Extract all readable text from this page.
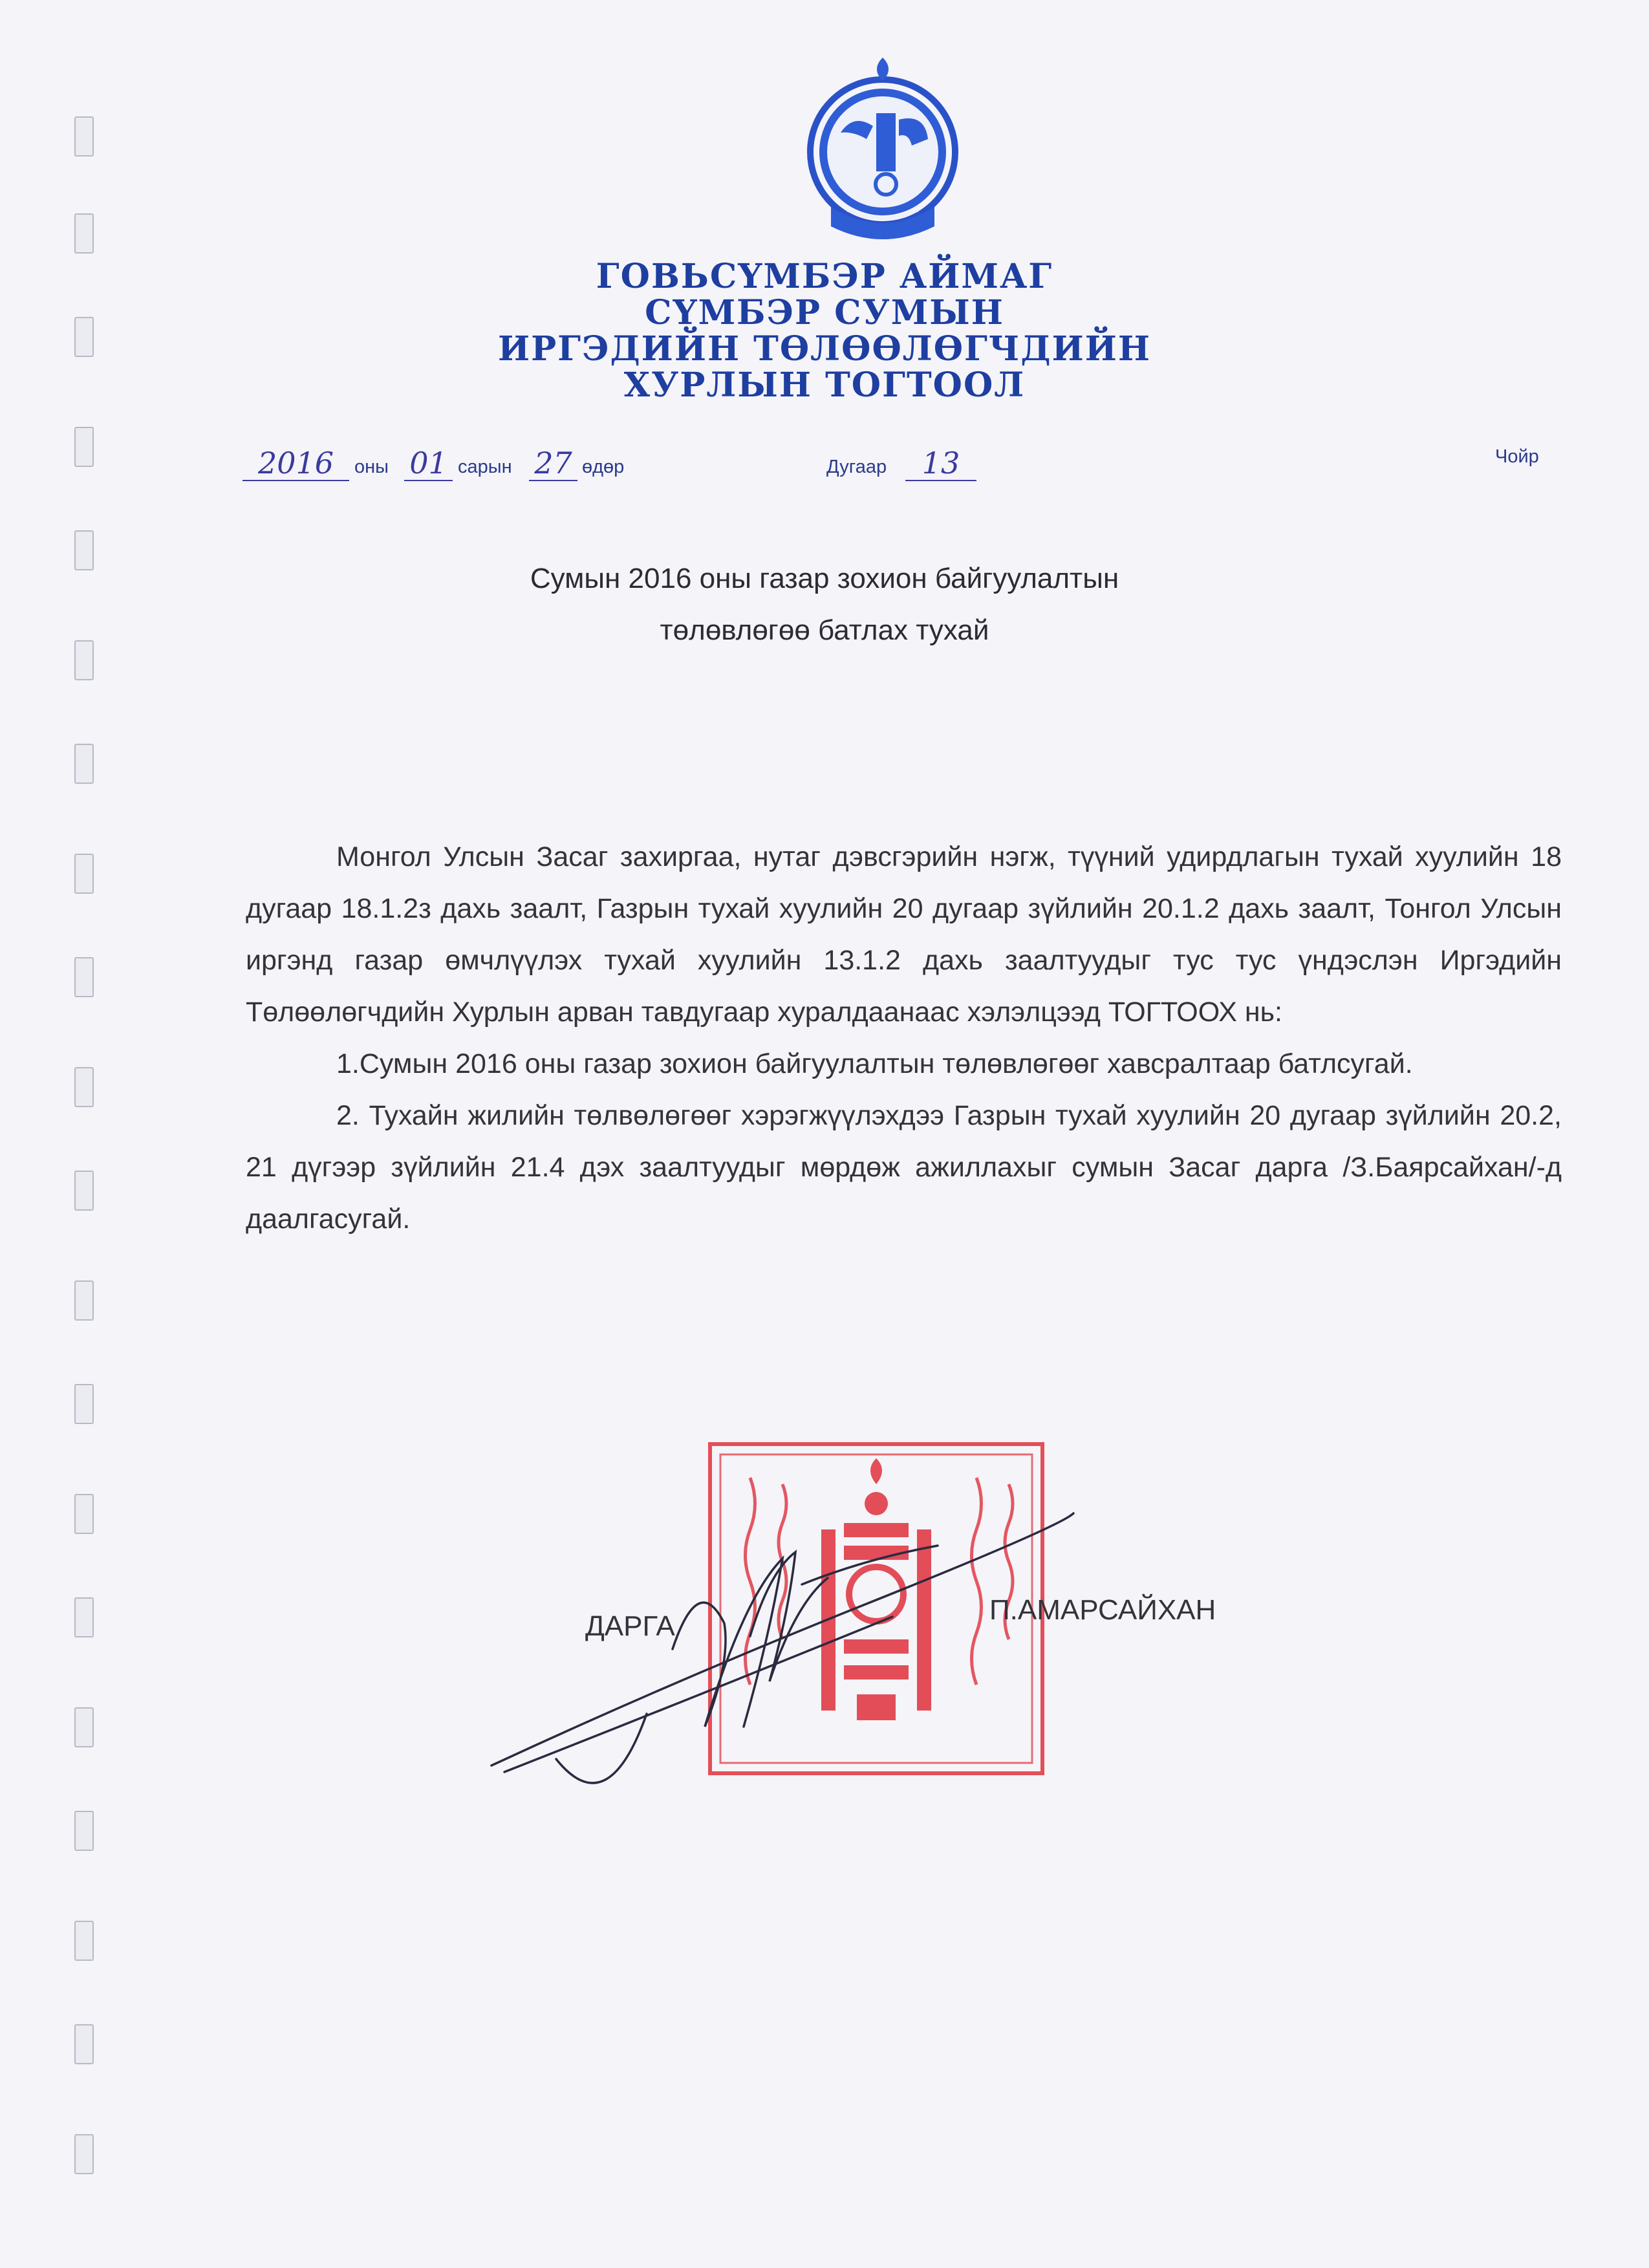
ГОВЬСҮМБЭР АЙМАГ
СҮМБЭР СУМЫН
ИРГЭДИЙН ТӨЛӨӨЛӨГЧДИЙН
ХУРЛЫН ТОГТООЛ
2016	оны 01 сарын 27 өдөр	Дугаар	13	Чойр
Сумын 2016 оны газар зохион байгуулалтын
төлөвлөгөө батлах тухай

Монгол Улсын Засаг захиргаа, нутаг дэвсгэрийн нэгж, түүний удирдлагын тухай хуулийн 18 дугаар 18.1.2з дахь заалт, Газрын тухай хуулийн 20 дугаар зүйлийн 20.1.2 дахь заалт, Тонгол Улсын иргэнд газар өмчлүүлэх тухай хуулийн 13.1.2 дахь заалтуудыг тус тус үндэслэн Иргэдийн Төлөөлөгчдийн Хурлын арван тавдугаар хуралдаанаас хэлэлцээд ТОГТООХ нь:

1.Сумын 2016 оны газар зохион байгуулалтын төлөвлөгөөг хавсралтаар батлсугай.

2. Тухайн жилийн төлвөлөгөөг хэрэгжүүлэхдээ Газрын тухай хуулийн 20 дугаар зүйлийн 20.2, 21 дүгээр зүйлийн 21.4 дэх заалтуудыг мөрдөж ажиллахыг сумын Засаг дарга /З.Баярсайхан/-д даалгасугай.

ДАРГА
П.АМАРСАЙХАН
